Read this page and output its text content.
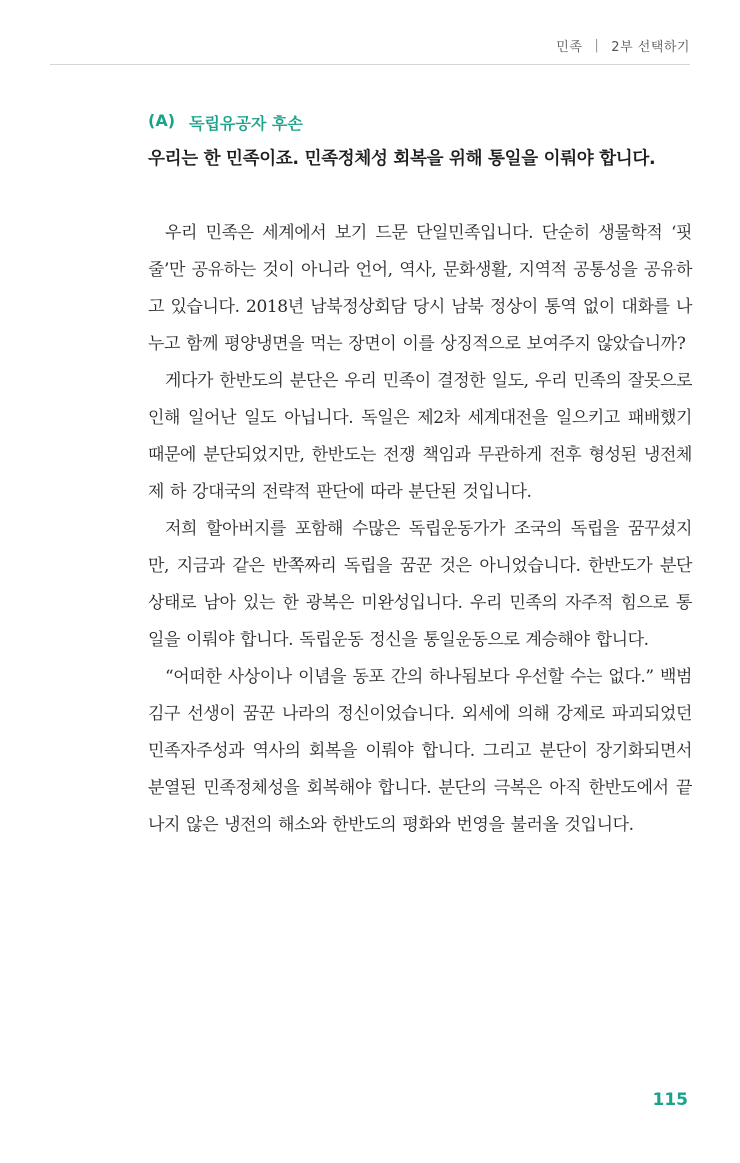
민족 | 2부 선택하기
(A) 독립유공자 후손
우리는 한 민족이죠. 민족정체성 회복을 위해 통일을 이뤄야 합니다.

우리 민족은 세계에서 보기 드문 단일민족입니다. 단순히 생물학적 ‘핏줄’만 공유하는 것이 아니라 언어, 역사, 문화생활, 지역적 공통성을 공유하고 있습니다. 2018년 남북정상회담 당시 남북 정상이 통역 없이 대화를 나누고 함께 평양냉면을 먹는 장면이 이를 상징적으로 보여주지 않았습니까?

게다가 한반도의 분단은 우리 민족이 결정한 일도, 우리 민족의 잘못으로 인해 일어난 일도 아닙니다. 독일은 제2차 세계대전을 일으키고 패배했기 때문에 분단되었지만, 한반도는 전쟁 책임과 무관하게 전후 형성된 냉전체제 하 강대국의 전략적 판단에 따라 분단된 것입니다.

저희 할아버지를 포함해 수많은 독립운동가가 조국의 독립을 꿈꾸셨지만, 지금과 같은 반쪽짜리 독립을 꿈꾼 것은 아니었습니다. 한반도가 분단 상태로 남아 있는 한 광복은 미완성입니다. 우리 민족의 자주적 힘으로 통일을 이뤄야 합니다. 독립운동 정신을 통일운동으로 계승해야 합니다.

“어떠한 사상이나 이념을 동포 간의 하나됨보다 우선할 수는 없다.” 백범 김구 선생이 꿈꾼 나라의 정신이었습니다. 외세에 의해 강제로 파괴되었던 민족자주성과 역사의 회복을 이뤄야 합니다. 그리고 분단이 장기화되면서 분열된 민족정체성을 회복해야 합니다. 분단의 극복은 아직 한반도에서 끝나지 않은 냉전의 해소와 한반도의 평화와 번영을 불러올 것입니다.

115
